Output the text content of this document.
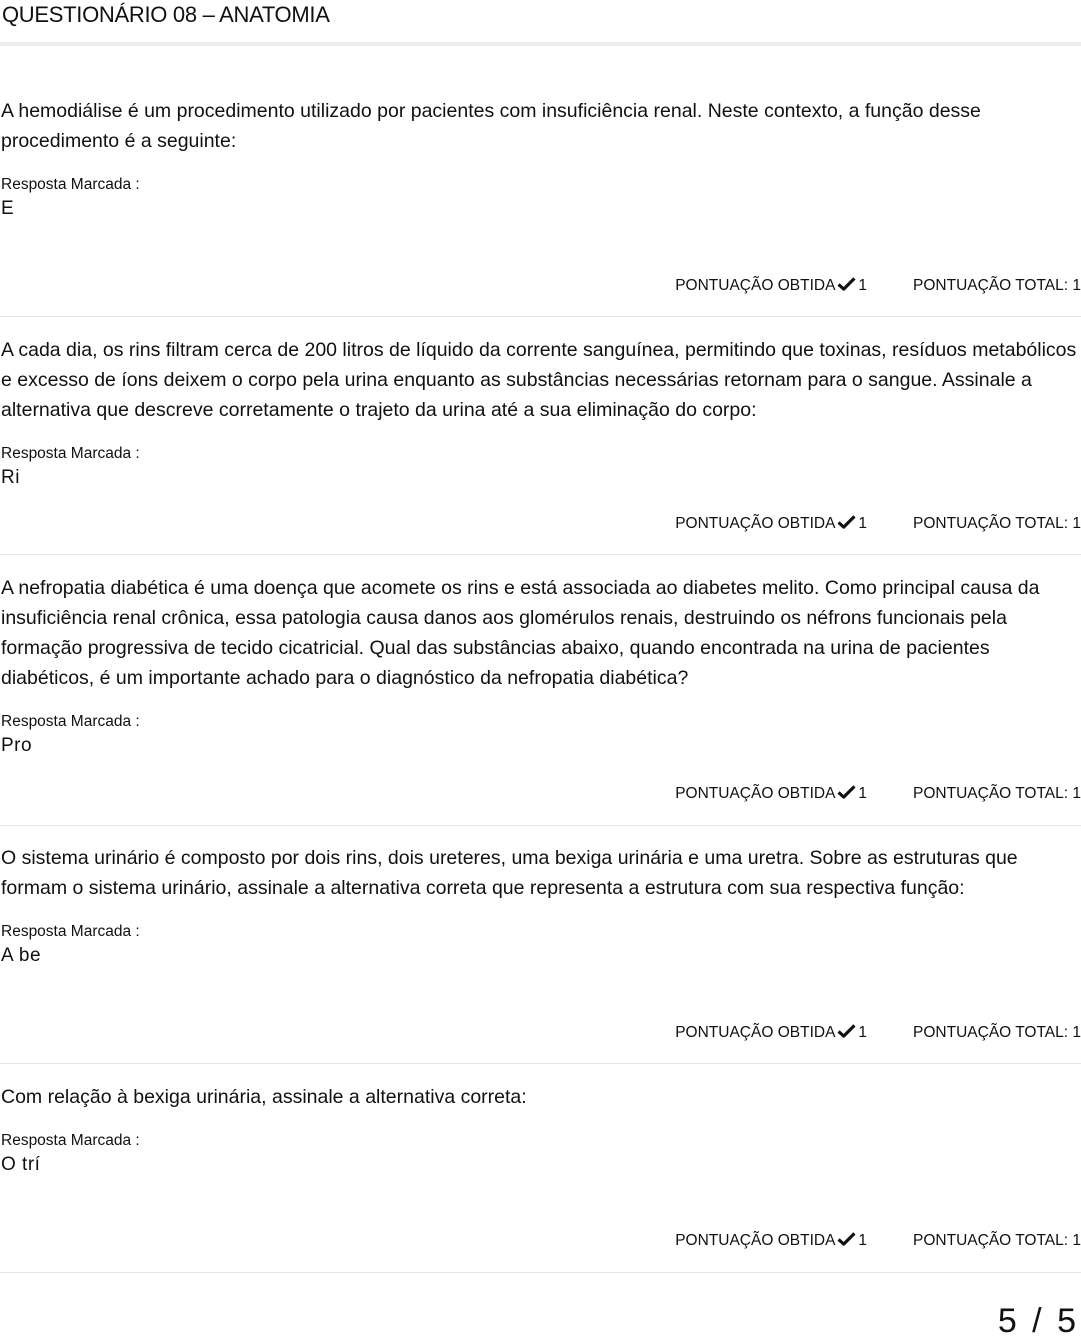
QUESTIONÁRIO 08 – ANATOMIA

A hemodiálise é um procedimento utilizado por pacientes com insuficiência renal. Neste contexto, a função desse procedimento é a seguinte:

Resposta Marcada :
E
PONTUAÇÃO OBTIDA 1	PONTUAÇÃO TOTAL: 1

A cada dia, os rins filtram cerca de 200 litros de líquido da corrente sanguínea, permitindo que toxinas, resíduos metabólicos e excesso de íons deixem o corpo pela urina enquanto as substâncias necessárias retornam para o sangue. Assinale a alternativa que descreve corretamente o trajeto da urina até a sua eliminação do corpo:

Resposta Marcada :
Ri
PONTUAÇÃO OBTIDA 1	PONTUAÇÃO TOTAL: 1

A nefropatia diabética é uma doença que acomete os rins e está associada ao diabetes melito. Como principal causa da insuficiência renal crônica, essa patologia causa danos aos glomérulos renais, destruindo os néfrons funcionais pela formação progressiva de tecido cicatricial. Qual das substâncias abaixo, quando encontrada na urina de pacientes diabéticos, é um importante achado para o diagnóstico da nefropatia diabética?

Resposta Marcada :
Pro
PONTUAÇÃO OBTIDA 1	PONTUAÇÃO TOTAL: 1

O sistema urinário é composto por dois rins, dois ureteres, uma bexiga urinária e uma uretra. Sobre as estruturas que formam o sistema urinário, assinale a alternativa correta que representa a estrutura com sua respectiva função:

Resposta Marcada :
A be
PONTUAÇÃO OBTIDA 1	PONTUAÇÃO TOTAL: 1

Com relação à bexiga urinária, assinale a alternativa correta:

Resposta Marcada :
O trí
PONTUAÇÃO OBTIDA 1	PONTUAÇÃO TOTAL: 1
5 / 5
